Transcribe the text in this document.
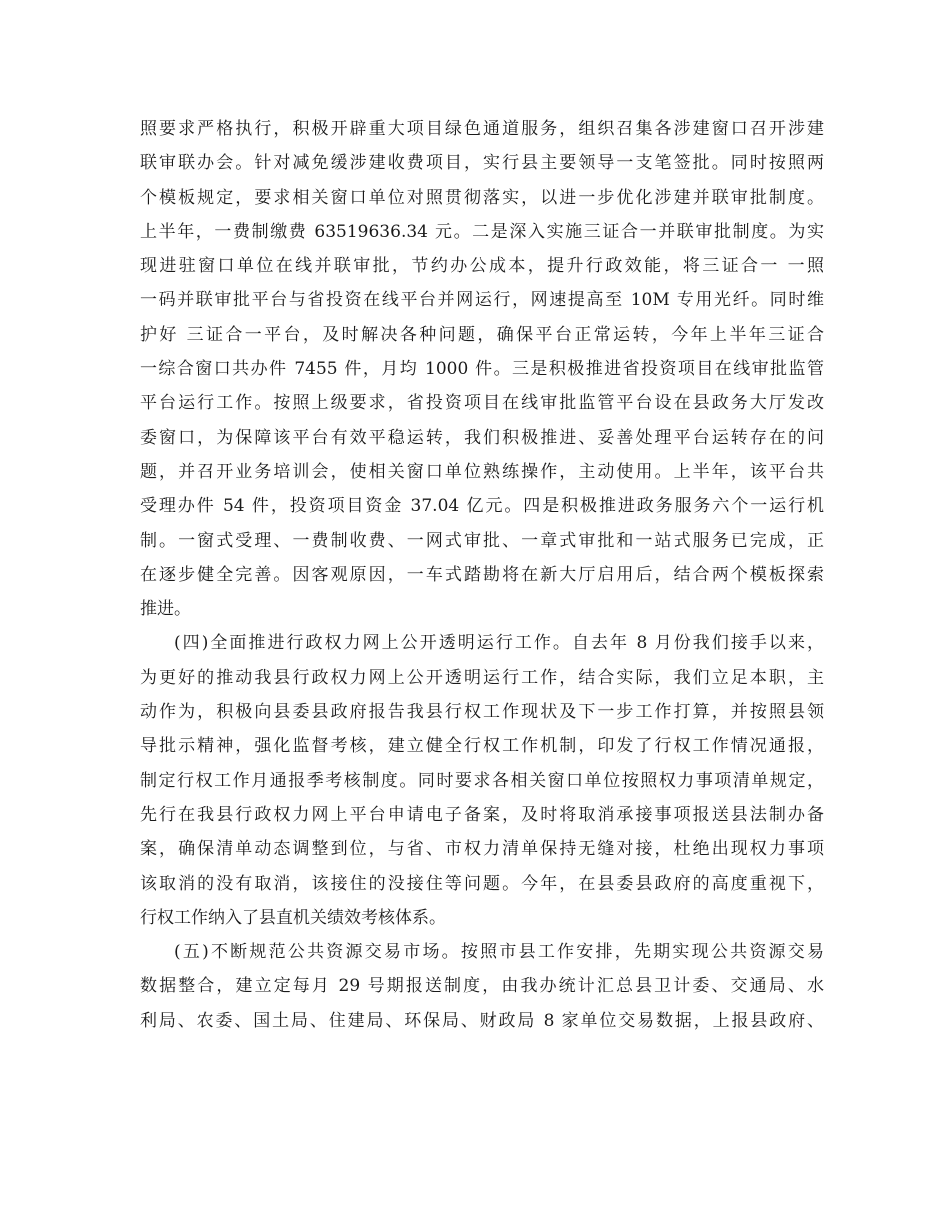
照要求严格执行，积极开辟重大项目绿色通道服务，组织召集各涉建窗口召开涉建
联审联办会。针对减免缓涉建收费项目，实行县主要领导一支笔签批。同时按照两
个模板规定，要求相关窗口单位对照贯彻落实，以进一步优化涉建并联审批制度。
上半年，一费制缴费 63519636.34 元。二是深入实施三证合一并联审批制度。为实
现进驻窗口单位在线并联审批，节约办公成本，提升行政效能，将三证合一 一照
一码并联审批平台与省投资在线平台并网运行，网速提高至 10M 专用光纤。同时维
护好 三证合一平台，及时解决各种问题，确保平台正常运转，今年上半年三证合
一综合窗口共办件 7455 件，月均 1000 件。三是积极推进省投资项目在线审批监管
平台运行工作。按照上级要求，省投资项目在线审批监管平台设在县政务大厅发改
委窗口，为保障该平台有效平稳运转，我们积极推进、妥善处理平台运转存在的问
题，并召开业务培训会，使相关窗口单位熟练操作，主动使用。上半年，该平台共
受理办件 54 件，投资项目资金 37.04 亿元。四是积极推进政务服务六个一运行机
制。一窗式受理、一费制收费、一网式审批、一章式审批和一站式服务已完成，正
在逐步健全完善。因客观原因，一车式踏勘将在新大厅启用后，结合两个模板探索
推进。
(四)全面推进行政权力网上公开透明运行工作。自去年 8 月份我们接手以来，
为更好的推动我县行政权力网上公开透明运行工作，结合实际，我们立足本职，主
动作为，积极向县委县政府报告我县行权工作现状及下一步工作打算，并按照县领
导批示精神，强化监督考核，建立健全行权工作机制，印发了行权工作情况通报，
制定行权工作月通报季考核制度。同时要求各相关窗口单位按照权力事项清单规定，
先行在我县行政权力网上平台申请电子备案，及时将取消承接事项报送县法制办备
案，确保清单动态调整到位，与省、市权力清单保持无缝对接，杜绝出现权力事项
该取消的没有取消，该接住的没接住等问题。今年，在县委县政府的高度重视下，
行权工作纳入了县直机关绩效考核体系。
(五)不断规范公共资源交易市场。按照市县工作安排，先期实现公共资源交易
数据整合，建立定每月 29 号期报送制度，由我办统计汇总县卫计委、交通局、水
利局、农委、国土局、住建局、环保局、财政局 8 家单位交易数据，上报县政府、
